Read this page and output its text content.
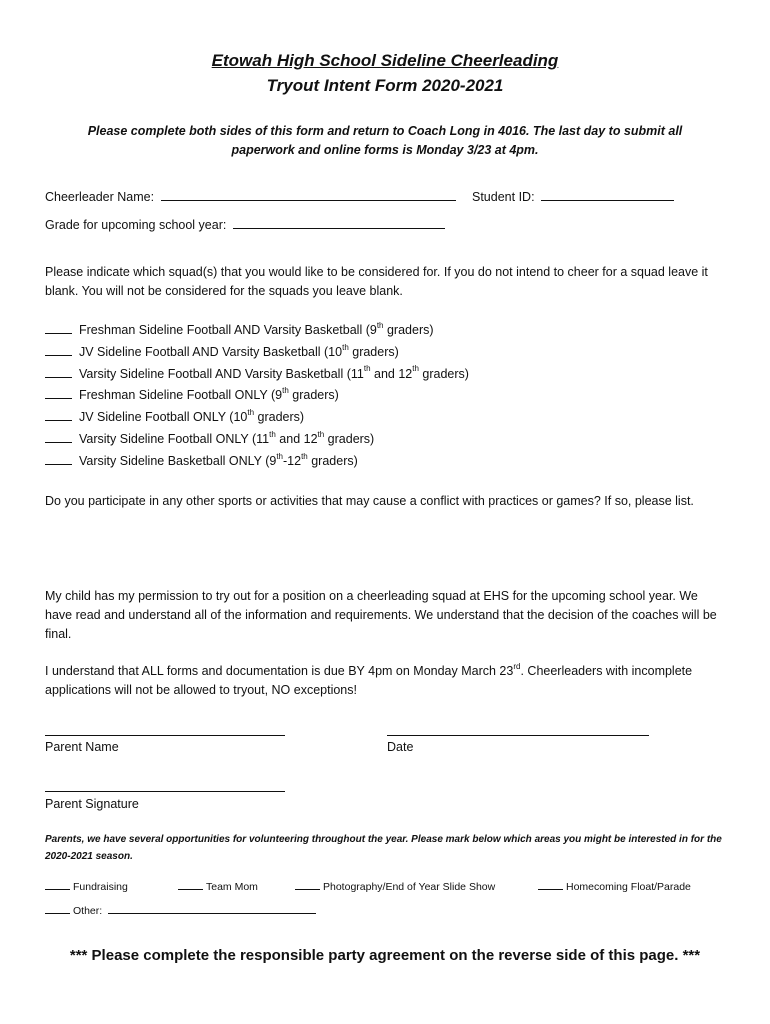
Etowah High School Sideline Cheerleading
Tryout Intent Form 2020-2021
Please complete both sides of this form and return to Coach Long in 4016. The last day to submit all paperwork and online forms is Monday 3/23 at 4pm.
Cheerleader Name:	Student ID:
Grade for upcoming school year:
Please indicate which squad(s) that you would like to be considered for. If you do not intend to cheer for a squad leave it blank. You will not be considered for the squads you leave blank.
Freshman Sideline Football AND Varsity Basketball (9th graders)
JV Sideline Football AND Varsity Basketball (10th graders)
Varsity Sideline Football AND Varsity Basketball (11th and 12th graders)
Freshman Sideline Football ONLY (9th graders)
JV Sideline Football ONLY (10th graders)
Varsity Sideline Football ONLY (11th and 12th graders)
Varsity Sideline Basketball ONLY (9th-12th graders)
Do you participate in any other sports or activities that may cause a conflict with practices or games? If so, please list.
My child has my permission to try out for a position on a cheerleading squad at EHS for the upcoming school year. We have read and understand all of the information and requirements. We understand that the decision of the coaches will be final.
I understand that ALL forms and documentation is due BY 4pm on Monday March 23rd. Cheerleaders with incomplete applications will not be allowed to tryout, NO exceptions!
Parent Name	Date
Parent Signature
Parents, we have several opportunities for volunteering throughout the year. Please mark below which areas you might be interested in for the 2020-2021 season.
Fundraising	Team Mom	Photography/End of Year Slide Show	Homecoming Float/Parade
Other:
*** Please complete the responsible party agreement on the reverse side of this page. ***
